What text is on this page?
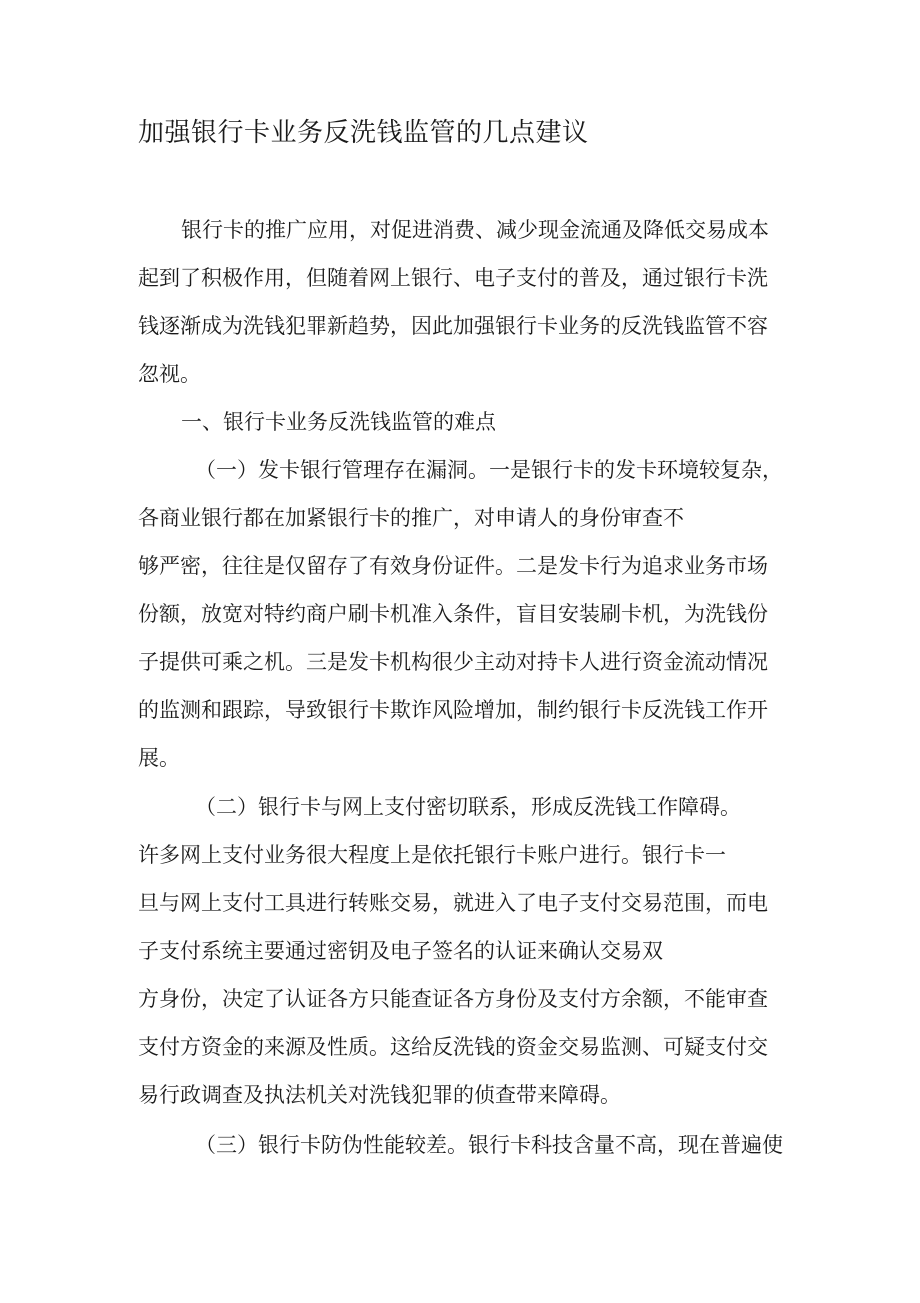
加强银行卡业务反洗钱监管的几点建议
银行卡的推广应用，对促进消费、减少现金流通及降低交易成本
起到了积极作用，但随着网上银行、电子支付的普及，通过银行卡洗
钱逐渐成为洗钱犯罪新趋势，因此加强银行卡业务的反洗钱监管不容
忽视。
一、银行卡业务反洗钱监管的难点
（一）发卡银行管理存在漏洞。一是银行卡的发卡环境较复杂，
各商业银行都在加紧银行卡的推广，对申请人的身份审查不
够严密，往往是仅留存了有效身份证件。二是发卡行为追求业务市场
份额，放宽对特约商户刷卡机准入条件，盲目安装刷卡机，为洗钱份
子提供可乘之机。三是发卡机构很少主动对持卡人进行资金流动情况
的监测和跟踪，导致银行卡欺诈风险增加，制约银行卡反洗钱工作开
展。
（二）银行卡与网上支付密切联系，形成反洗钱工作障碍。
许多网上支付业务很大程度上是依托银行卡账户进行。银行卡一
旦与网上支付工具进行转账交易，就进入了电子支付交易范围，而电
子支付系统主要通过密钥及电子签名的认证来确认交易双
方身份，决定了认证各方只能查证各方身份及支付方余额，不能审查
支付方资金的来源及性质。这给反洗钱的资金交易监测、可疑支付交
易行政调查及执法机关对洗钱犯罪的侦查带来障碍。
（三）银行卡防伪性能较差。银行卡科技含量不高，现在普遍使
